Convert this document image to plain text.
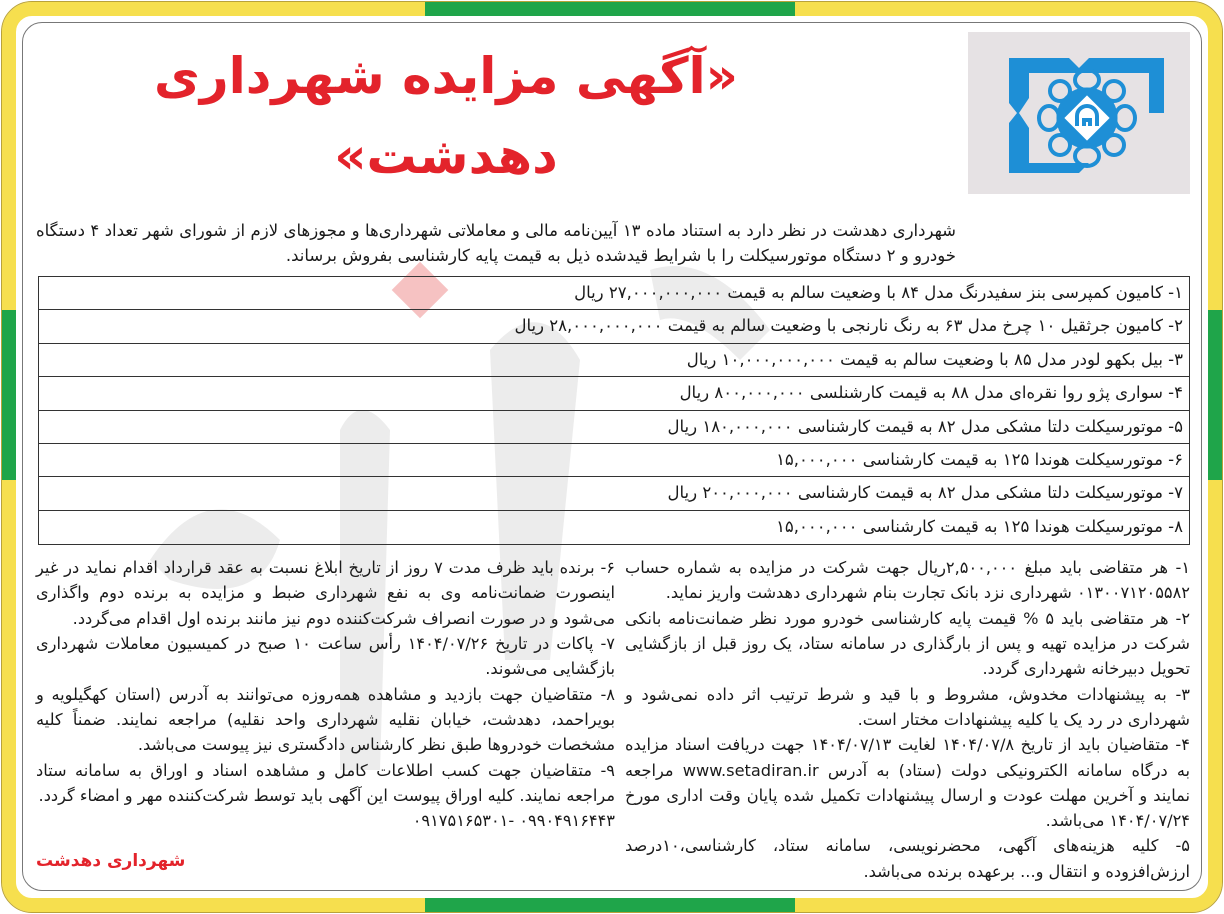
«آگهی مزایده شهرداری دهدشت»

شهرداری دهدشت در نظر دارد به استناد ماده ۱۳ آیین‌نامه مالی و معاملاتی شهرداری‌ها و مجوزهای لازم از شورای شهر تعداد ۴ دستگاه خودرو و ۲ دستگاه موتورسیکلت را با شرایط قیدشده ذیل به قیمت پایه کارشناسی بفروش برساند.

۱- کامیون کمپرسی بنز سفیدرنگ مدل ۸۴ با وضعیت سالم به قیمت ۲۷,۰۰۰,۰۰۰,۰۰۰ ریال
۲- کامیون جرثقیل ۱۰ چرخ مدل ۶۳ به رنگ نارنجی با وضعیت سالم به قیمت ۲۸,۰۰۰,۰۰۰,۰۰۰ ریال
۳- بیل بکهو لودر مدل ۸۵ با وضعیت سالم به قیمت ۱۰,۰۰۰,۰۰۰,۰۰۰ ریال
۴- سواری پژو روا نقره‌ای مدل ۸۸ به قیمت کارشنلسی ۸۰۰,۰۰۰,۰۰۰ ریال
۵- موتورسیکلت دلتا مشکی مدل ۸۲ به قیمت کارشناسی ۱۸۰,۰۰۰,۰۰۰ ریال
۶- موتورسیکلت هوندا ۱۲۵ به قیمت کارشناسی ۱۵,۰۰۰,۰۰۰
۷- موتورسیکلت دلتا مشکی مدل ۸۲ به قیمت کارشناسی ۲۰۰,۰۰۰,۰۰۰ ریال
۸- موتورسیکلت هوندا ۱۲۵ به قیمت کارشناسی ۱۵,۰۰۰,۰۰۰

۱- هر متقاضی باید مبلغ ۲,۵۰۰,۰۰۰ریال جهت شرکت در مزایده به شماره حساب ۰۱۳۰۰۷۱۲۰۵۵۸۲ شهرداری نزد بانک تجارت بنام شهرداری دهدشت واریز نماید.

۲- هر متقاضی باید ۵ % قیمت پایه کارشناسی خودرو مورد نظر ضمانت‌نامه بانکی شرکت در مزایده تهیه و پس از بارگذاری در سامانه ستاد، یک روز قبل از بازگشایی تحویل دبیرخانه شهرداری گردد.

۳- به پیشنهادات مخدوش، مشروط و با قید و شرط ترتیب اثر داده نمی‌شود و شهرداری در رد یک یا کلیه پیشنهادات مختار است.

۴- متقاضیان باید از تاریخ ۱۴۰۴/۰۷/۸ لغایت ۱۴۰۴/۰۷/۱۳ جهت دریافت اسناد مزایده به درگاه سامانه الکترونیکی دولت (ستاد) به آدرس www.setadiran.ir مراجعه نمایند و آخرین مهلت عودت و ارسال پیشنهادات تکمیل شده پایان وقت اداری مورخ ۱۴۰۴/۰۷/۲۴ می‌باشد.

۵- کلیه هزینه‌های آگهی، محضرنویسی، سامانه ستاد، کارشناسی،۱۰درصد ارزش‌افزوده و انتقال و... برعهده برنده می‌باشد.

۶- برنده باید ظرف مدت ۷ روز از تاریخ ابلاغ نسبت به عقد قرارداد اقدام نماید در غیر اینصورت ضمانت‌نامه وی به نفع شهرداری ضبط و مزایده به برنده دوم واگذاری می‌شود و در صورت انصراف شرکت‌کننده دوم نیز مانند برنده اول اقدام می‌گردد.

۷- پاکات در تاریخ ۱۴۰۴/۰۷/۲۶ رأس ساعت ۱۰ صبح در کمیسیون معاملات شهرداری بازگشایی می‌شوند.

۸- متقاضیان جهت بازدید و مشاهده همه‌روزه می‌توانند به آدرس (استان کهگیلویه و بویراحمد، دهدشت، خیابان نقلیه شهرداری واحد نقلیه) مراجعه نمایند. ضمناً کلیه مشخصات خودروها طبق نظر کارشناس دادگستری نیز پیوست می‌باشد.

۹- متقاضیان جهت کسب اطلاعات کامل و مشاهده اسناد و اوراق به سامانه ستاد مراجعه نمایند. کلیه اوراق پیوست این آگهی باید توسط شرکت‌کننده مهر و امضاء گردد.

۰۹۹۰۴۹۱۶۴۴۳ -۰۹۱۷۵۱۶۵۳۰۱

شهرداری دهدشت
